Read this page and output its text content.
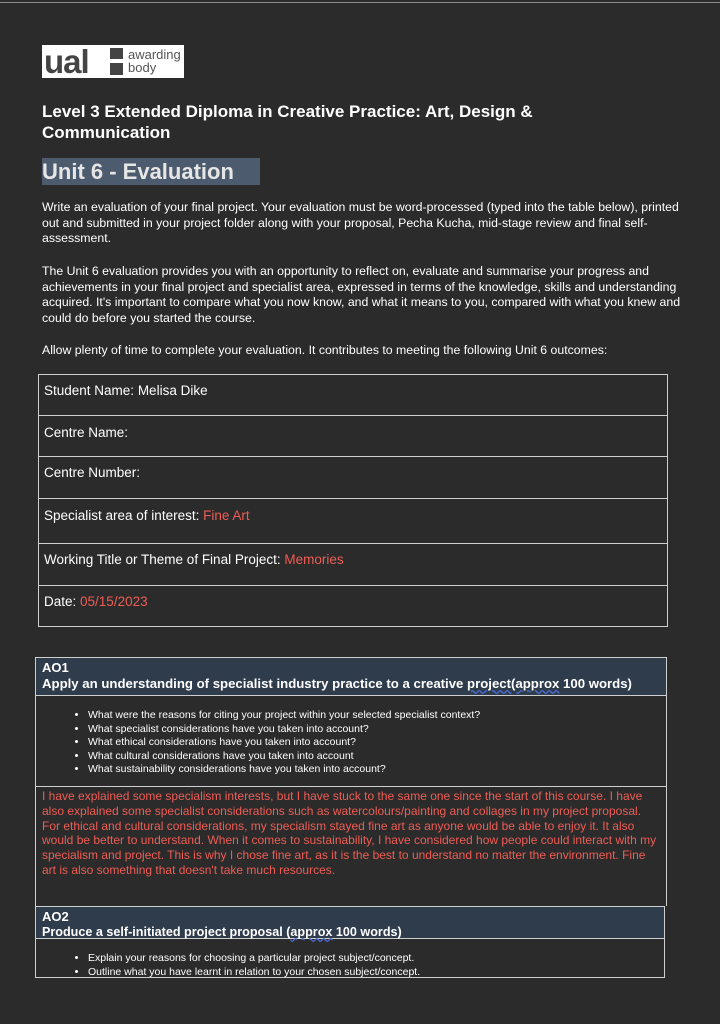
ual	awarding
body
Level 3 Extended Diploma in Creative Practice: Art, Design & Communication
Unit 6 - Evaluation
Write an evaluation of your final project. Your evaluation must be word-processed (typed into the table below), printed out and submitted in your project folder along with your proposal, Pecha Kucha, mid-stage review and final self-assessment.
The Unit 6 evaluation provides you with an opportunity to reflect on, evaluate and summarise your progress and achievements in your final project and specialist area, expressed in terms of the knowledge, skills and understanding acquired. It's important to compare what you now know, and what it means to you, compared with what you knew and could do before you started the course.
Allow plenty of time to complete your evaluation. It contributes to meeting the following Unit 6 outcomes:
Student Name: Melisa Dike
Centre Name:
Centre Number:
Specialist area of interest: Fine Art
Working Title or Theme of Final Project: Memories
Date: 05/15/2023
AO1
Apply an understanding of specialist industry practice to a creative project(approx 100 words)
• What were the reasons for citing your project within your selected specialist context?
• What specialist considerations have you taken into account?
• What ethical considerations have you taken into account?
• What cultural considerations have you taken into account
• What sustainability considerations have you taken into account?
I have explained some specialism interests, but I have stuck to the same one since the start of this course. I have also explained some specialist considerations such as watercolours/painting and collages in my project proposal. For ethical and cultural considerations, my specialism stayed fine art as anyone would be able to enjoy it. It also would be better to understand. When it comes to sustainability, I have considered how people could interact with my specialism and project. This is why I chose fine art, as it is the best to understand no matter the environment. Fine art is also something that doesn't take much resources.
AO2
Produce a self-initiated project proposal (approx 100 words)
• Explain your reasons for choosing a particular project subject/concept.
• Outline what you have learnt in relation to your chosen subject/concept.
